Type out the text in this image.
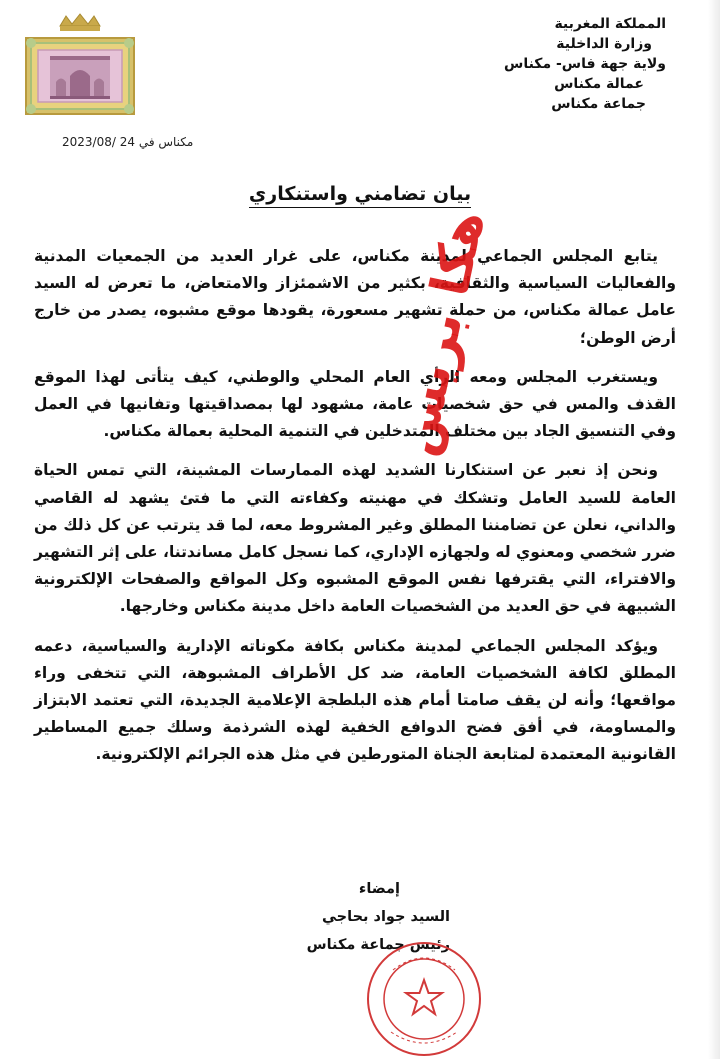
المملكة المغربية
وزارة الداخلية
ولاية جهة فاس- مكناس
عمالة مكناس
جماعة مكناس
مكناس في 24 /2023/08
بيان تضامني واستنكاري

يتابع المجلس الجماعي لمدينة مكناس، على غرار العديد من الجمعيات المدنية والفعاليات السياسية والثقافية، بكثير من الاشمئزاز والامتعاض، ما تعرض له السيد عامل عمالة مكناس، من حملة تشهير مسعورة، يقودها موقع مشبوه، يصدر من خارج أرض الوطن؛

ويستغرب المجلس ومعه الرأي العام المحلي والوطني، كيف يتأتى لهذا الموقع القذف والمس في حق شخصيات عامة، مشهود لها بمصداقيتها وتفانيها في العمل وفي التنسيق الجاد بين مختلف المتدخلين في التنمية المحلية بعمالة مكناس.

ونحن إذ نعبر عن استنكارنا الشديد لهذه الممارسات المشينة، التي تمس الحياة العامة للسيد العامل وتشكك في مهنيته وكفاءته التي ما فتئ يشهد له القاصي والداني، نعلن عن تضامننا المطلق وغير المشروط معه، لما قد يترتب عن كل ذلك من ضرر شخصي ومعنوي له ولجهازه الإداري، كما نسجل كامل مساندتنا، على إثر التشهير والافتراء، التي يقترفها نفس الموقع المشبوه وكل المواقع والصفحات الإلكترونية الشبيهة في حق العديد من الشخصيات العامة داخل مدينة مكناس وخارجها.

ويؤكد المجلس الجماعي لمدينة مكناس بكافة مكوناته الإدارية والسياسية، دعمه المطلق لكافة الشخصيات العامة، ضد كل الأطراف المشبوهة، التي تتخفى وراء مواقعها؛ وأنه لن يقف صامتا أمام هذه البلطجة الإعلامية الجديدة، التي تعتمد الابتزاز والمساومة، في أفق فضح الدوافع الخفية لهذه الشرذمة وسلك جميع المساطير القانونية المعتمدة لمتابعة الجناة المتورطين في مثل هذه الجرائم الإلكترونية.

إمضاء
السيد جواد بحاجي
رئيس جماعة مكناس
هكا بريس
